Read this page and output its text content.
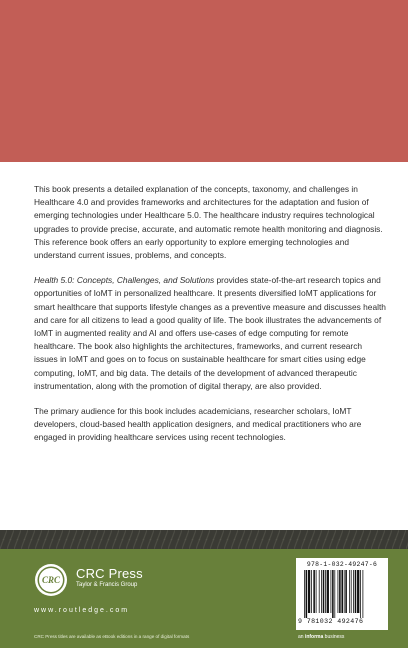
This book presents a detailed explanation of the concepts, taxonomy, and challenges in Healthcare 4.0 and provides frameworks and architectures for the adaptation and fusion of emerging technologies under Healthcare 5.0. The healthcare industry requires technological upgrades to provide precise, accurate, and automatic remote health monitoring and diagnosis. This reference book offers an early opportunity to explore emerging technologies and understand current issues, problems, and concepts.

Health 5.0: Concepts, Challenges, and Solutions provides state-of-the-art research topics and opportunities of IoMT in personalized healthcare. It presents diversified IoMT applications for smart healthcare that supports lifestyle changes as a preventive measure and discusses health and care for all citizens to lead a good quality of life. The book illustrates the advancements of IoMT in augmented reality and AI and offers use-cases of edge computing for remote healthcare. The book also highlights the architectures, frameworks, and current research issues in IoMT and goes on to focus on sustainable healthcare for smart cities using edge computing, IoMT, and big data. The details of the development of advanced therapeutic instrumentation, along with the promotion of digital therapy, are also provided.

The primary audience for this book includes academicians, researcher scholars, IoMT developers, cloud-based health application designers, and medical practitioners who are engaged in providing healthcare services using recent technologies.

CRC CRC Press
Taylor & Francis Group
www.routledge.com
978-1-032-49247-6
9 781032 492476
CRC Press titles are available as eBook editions in a range of digital formats	an informa business
